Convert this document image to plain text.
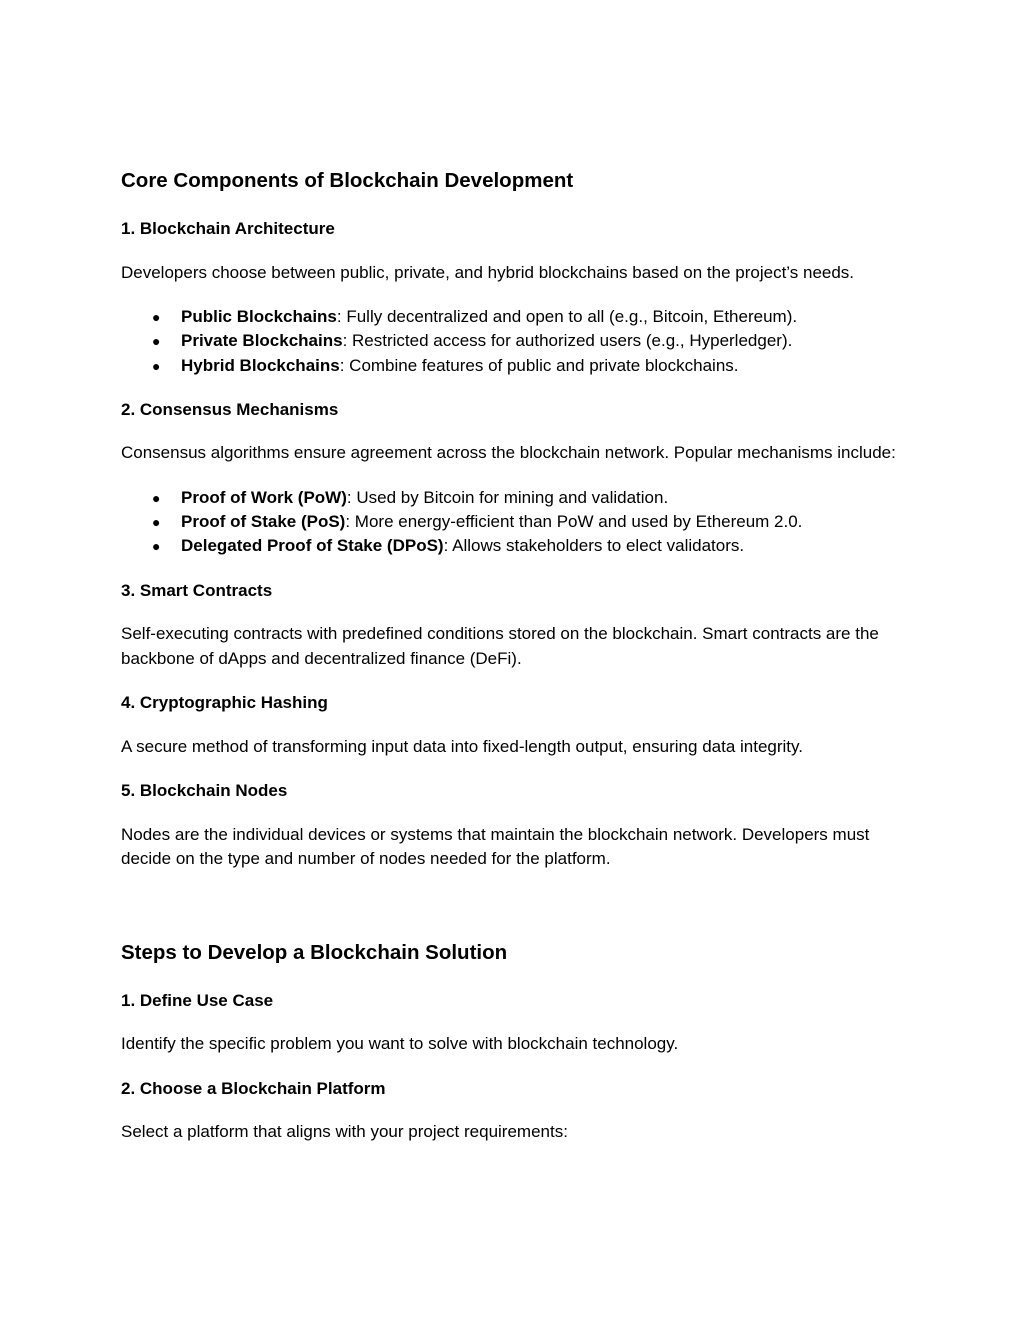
Core Components of Blockchain Development
1. Blockchain Architecture

Developers choose between public, private, and hybrid blockchains based on the project’s needs.

● Public Blockchains: Fully decentralized and open to all (e.g., Bitcoin, Ethereum).
● Private Blockchains: Restricted access for authorized users (e.g., Hyperledger).
● Hybrid Blockchains: Combine features of public and private blockchains.
2. Consensus Mechanisms

Consensus algorithms ensure agreement across the blockchain network. Popular mechanisms include:

● Proof of Work (PoW): Used by Bitcoin for mining and validation.
● Proof of Stake (PoS): More energy-efficient than PoW and used by Ethereum 2.0.
● Delegated Proof of Stake (DPoS): Allows stakeholders to elect validators.
3. Smart Contracts

Self-executing contracts with predefined conditions stored on the blockchain. Smart contracts are the backbone of dApps and decentralized finance (DeFi).

4. Cryptographic Hashing

A secure method of transforming input data into fixed-length output, ensuring data integrity.

5. Blockchain Nodes

Nodes are the individual devices or systems that maintain the blockchain network. Developers must decide on the type and number of nodes needed for the platform.

Steps to Develop a Blockchain Solution
1. Define Use Case

Identify the specific problem you want to solve with blockchain technology.

2. Choose a Blockchain Platform

Select a platform that aligns with your project requirements:
